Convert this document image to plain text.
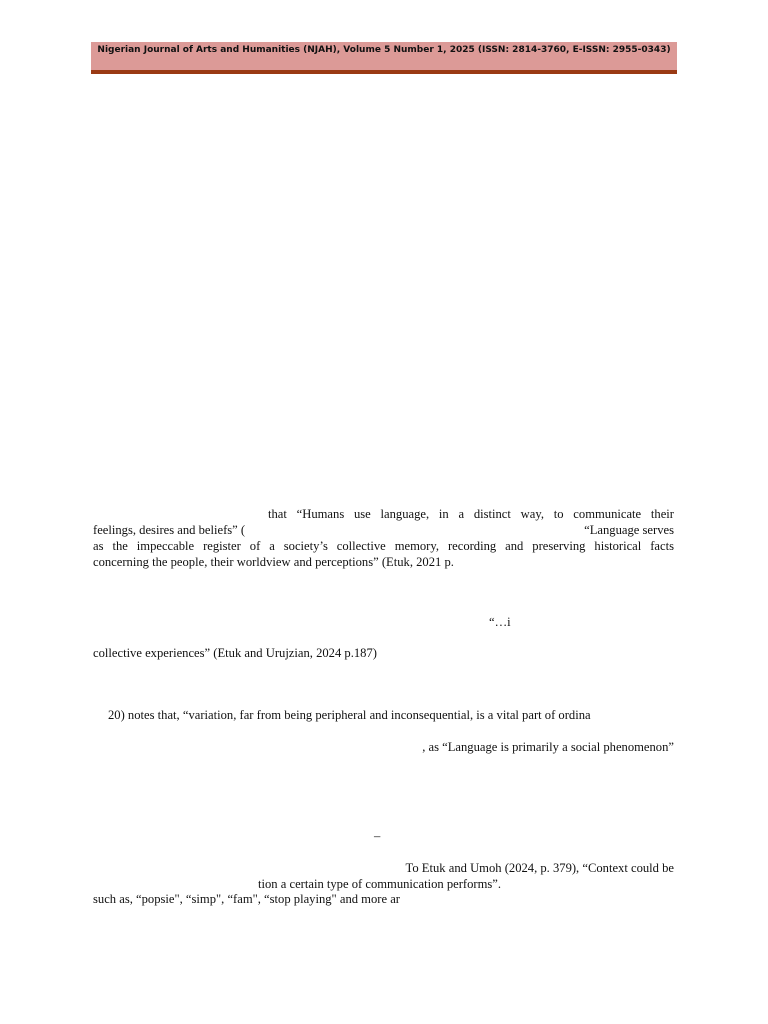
Nigerian Journal of Arts and Humanities (NJAH), Volume 5 Number 1, 2025 (ISSN: 2814-3760, E-ISSN: 2955-0343)
that “Humans use language, in a distinct way, to communicate their
feelings, desires and beliefs” (	“Language serves
as the impeccable register of a society’s collective memory, recording and preserving historical facts
concerning the people, their worldview and perceptions” (Etuk, 2021 p.
“…i
collective experiences” (Etuk and Urujzian, 2024 p.187)
20) notes that, “variation, far from being peripheral and inconsequential, is a vital part of ordina
, as “Language is primarily a social phenomenon”
–
To Etuk and Umoh (2024, p. 379), “Context could be
tion a certain type of communication performs”.
such as, “popsie", “simp", “fam", “stop playing" and more ar
